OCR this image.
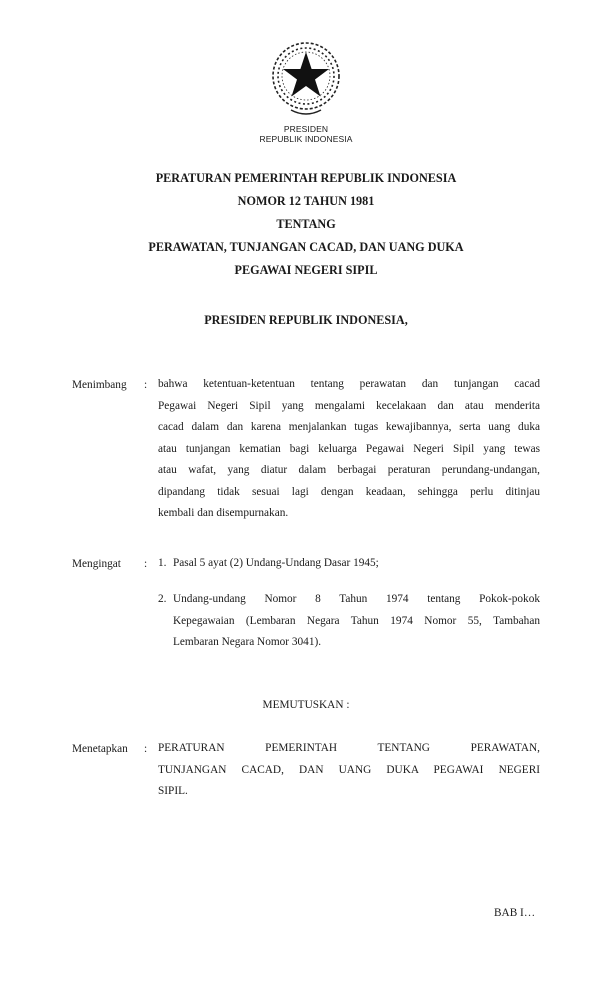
PRESIDEN
REPUBLIK INDONESIA
PERATURAN PEMERINTAH REPUBLIK INDONESIA
NOMOR 12 TAHUN 1981
TENTANG
PERAWATAN, TUNJANGAN CACAD, DAN UANG DUKA
PEGAWAI NEGERI SIPIL
PRESIDEN REPUBLIK INDONESIA,
Menimbang : bahwa ketentuan-ketentuan tentang perawatan dan tunjangan cacad
Pegawai Negeri Sipil yang mengalami kecelakaan dan atau menderita
cacad dalam dan karena menjalankan tugas kewajibannya, serta uang duka
atau tunjangan kematian bagi keluarga Pegawai Negeri Sipil yang tewas
atau wafat, yang diatur dalam berbagai peraturan perundang-undangan,
dipandang tidak sesuai lagi dengan keadaan, sehingga perlu ditinjau
kembali dan disempurnakan.
Mengingat : 1. Pasal 5 ayat (2) Undang-Undang Dasar 1945;
2. Undang-undang Nomor 8 Tahun 1974 tentang Pokok-pokok
Kepegawaian (Lembaran Negara Tahun 1974 Nomor 55, Tambahan
Lembaran Negara Nomor 3041).
MEMUTUSKAN :
Menetapkan : PERATURAN PEMERINTAH TENTANG PERAWATAN,
TUNJANGAN CACAD, DAN UANG DUKA PEGAWAI NEGERI
SIPIL.
BAB I…
